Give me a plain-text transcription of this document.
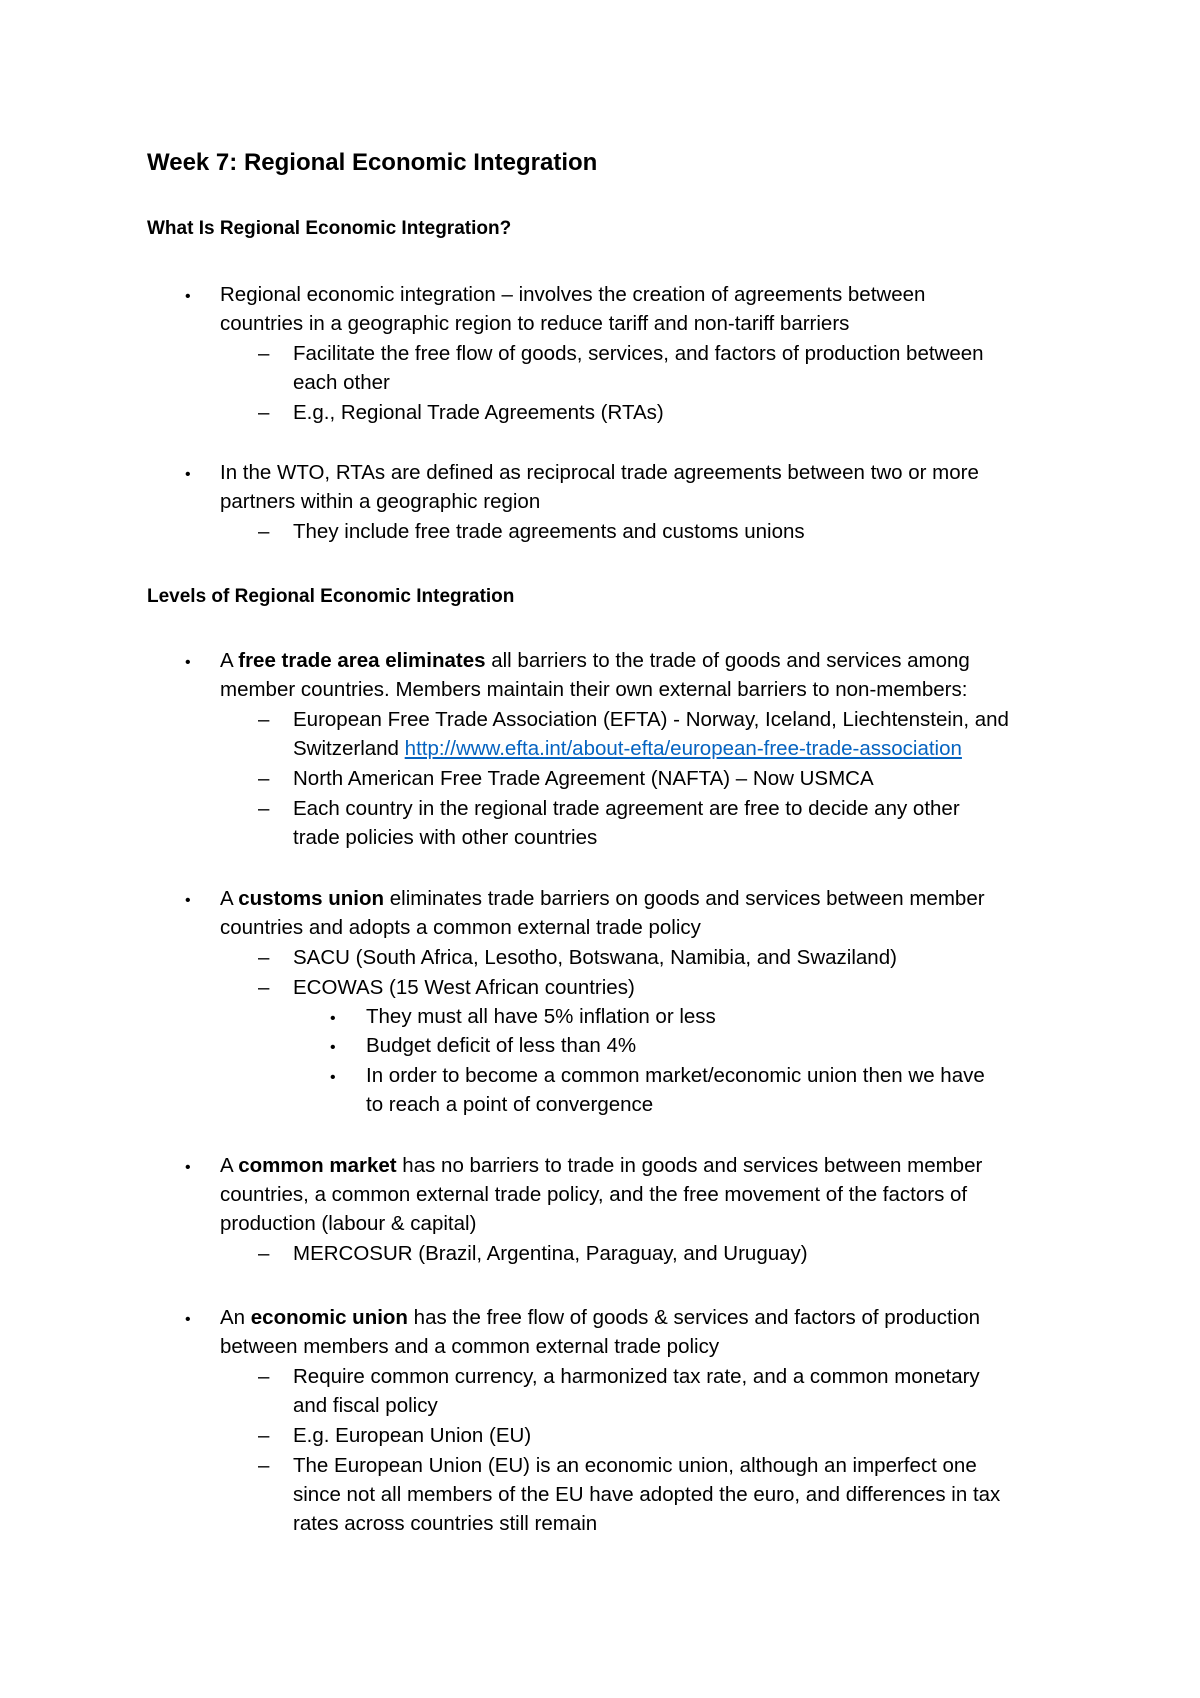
Week 7: Regional Economic Integration
What Is Regional Economic Integration?
• Regional economic integration – involves the creation of agreements between
countries in a geographic region to reduce tariff and non-tariff barriers
– Facilitate the free flow of goods, services, and factors of production between
each other
– E.g., Regional Trade Agreements (RTAs)
• In the WTO, RTAs are defined as reciprocal trade agreements between two or more
partners within a geographic region
– They include free trade agreements and customs unions
Levels of Regional Economic Integration
• A free trade area eliminates all barriers to the trade of goods and services among
member countries. Members maintain their own external barriers to non-members:
– European Free Trade Association (EFTA) - Norway, Iceland, Liechtenstein, and
Switzerland http://www.efta.int/about-efta/european-free-trade-association
– North American Free Trade Agreement (NAFTA) – Now USMCA
– Each country in the regional trade agreement are free to decide any other
trade policies with other countries
• A customs union eliminates trade barriers on goods and services between member
countries and adopts a common external trade policy
– SACU (South Africa, Lesotho, Botswana, Namibia, and Swaziland)
– ECOWAS (15 West African countries)
• They must all have 5% inflation or less
• Budget deficit of less than 4%
• In order to become a common market/economic union then we have
to reach a point of convergence
• A common market has no barriers to trade in goods and services between member
countries, a common external trade policy, and the free movement of the factors of
production (labour & capital)
– MERCOSUR (Brazil, Argentina, Paraguay, and Uruguay)
• An economic union has the free flow of goods & services and factors of production
between members and a common external trade policy
– Require common currency, a harmonized tax rate, and a common monetary
and fiscal policy
– E.g. European Union (EU)
– The European Union (EU) is an economic union, although an imperfect one
since not all members of the EU have adopted the euro, and differences in tax
rates across countries still remain
